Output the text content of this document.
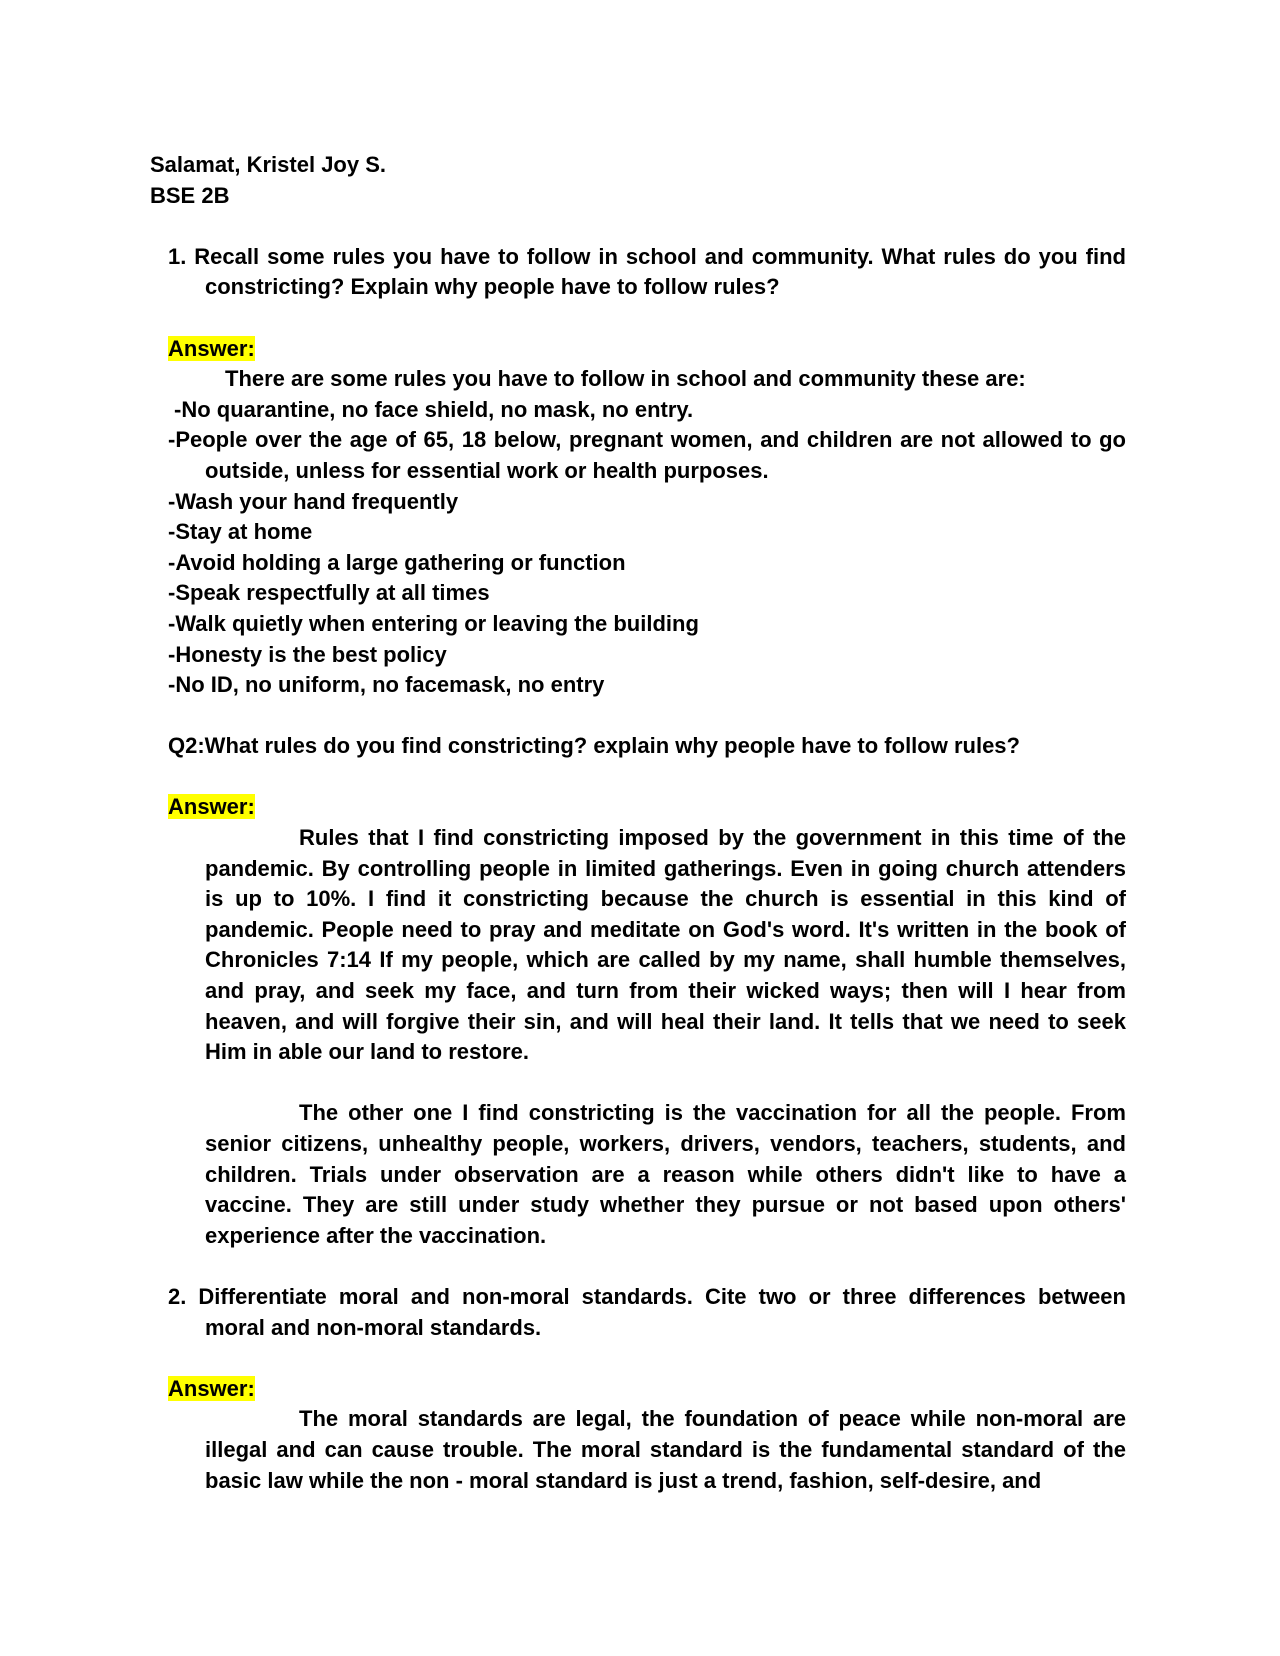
Salamat, Kristel Joy S.

BSE 2B

1. Recall some rules you have to follow in school and community. What rules do you find constricting? Explain why people have to follow rules?

Answer:

There are some rules you have to follow in school and community these are:

-No quarantine, no face shield, no mask, no entry.

-People over the age of 65, 18 below, pregnant women, and children are not allowed to go outside, unless for essential work or health purposes.

-Wash your hand frequently

-Stay at home

-Avoid holding a large gathering or function

-Speak respectfully at all times

-Walk quietly when entering or leaving the building

-Honesty is the best policy

-No ID, no uniform, no facemask, no entry

Q2:What rules do you find constricting? explain why people have to follow rules?

Answer:

Rules that I find constricting imposed by the government in this time of the pandemic. By controlling people in limited gatherings. Even in going church attenders is up to 10%. I find it constricting because the church is essential in this kind of pandemic. People need to pray and meditate on God's word. It's written in the book of Chronicles 7:14 If my people, which are called by my name, shall humble themselves, and pray, and seek my face, and turn from their wicked ways; then will I hear from heaven, and will forgive their sin, and will heal their land. It tells that we need to seek Him in able our land to restore.

The other one I find constricting is the vaccination for all the people. From senior citizens, unhealthy people, workers, drivers, vendors, teachers, students, and children. Trials under observation are a reason while others didn't like to have a vaccine. They are still under study whether they pursue or not based upon others' experience after the vaccination.

2. Differentiate moral and non-moral standards. Cite two or three differences between moral and non-moral standards.

Answer:

The moral standards are legal, the foundation of peace while non-moral are illegal and can cause trouble. The moral standard is the fundamental standard of the basic law while the non - moral standard is just a trend, fashion, self-desire, and
